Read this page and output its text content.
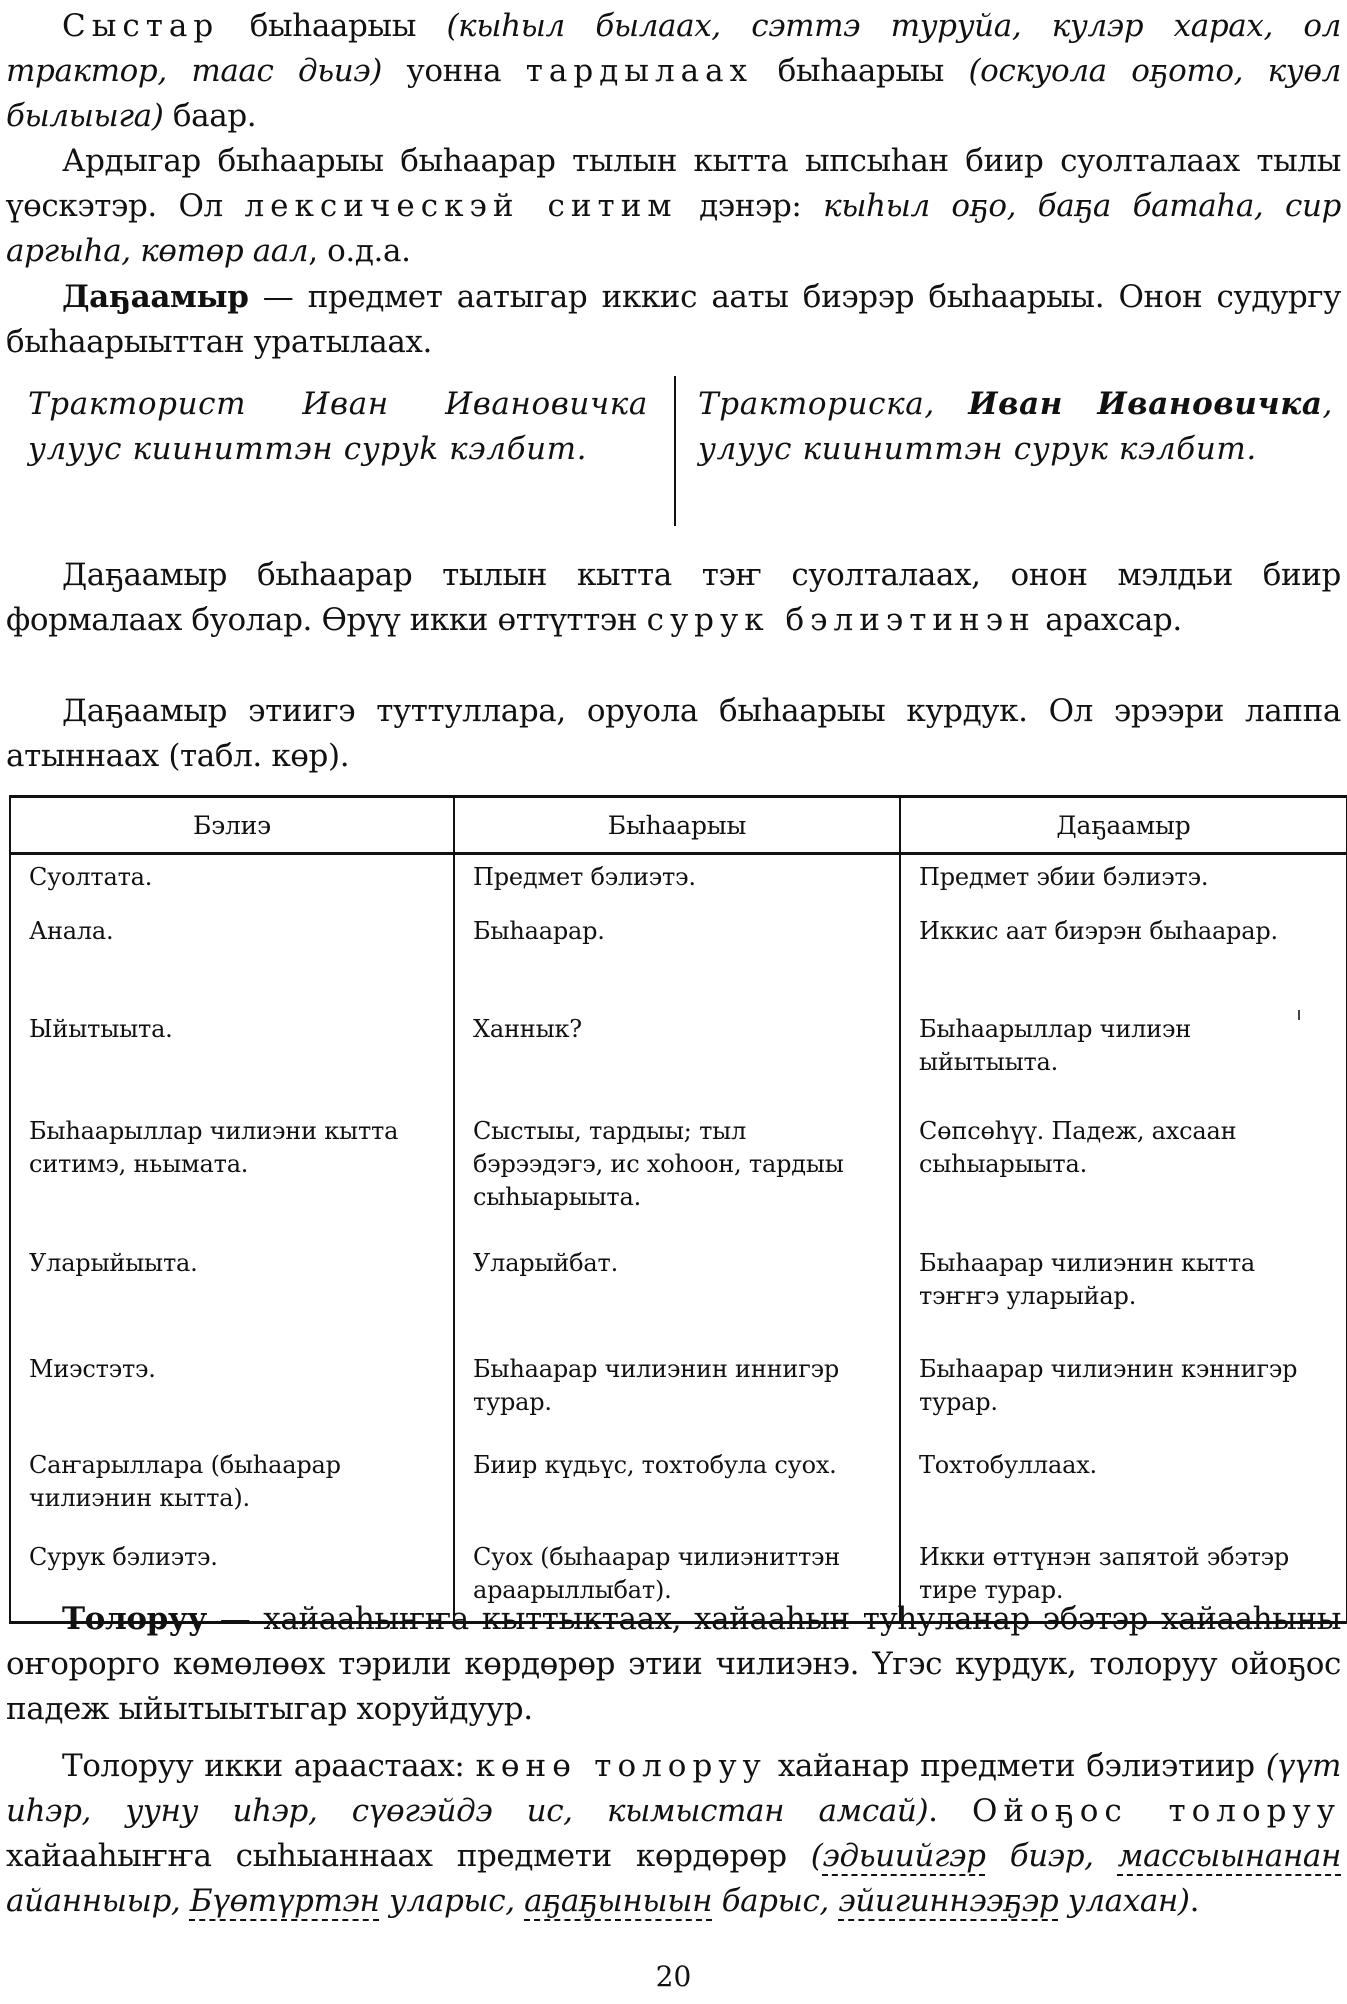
Сыстар быhaарыы (кыhыл былаах, сэттэ туруйа, кулэр харах, ол трактор, таас дьиэ) уонна тардылаах быhaарыы (оскуола оҕото, куөл былыыга) баар.

Ардыгар быhaарыы быhaарар тылын кытта ыпсыhан биир суолталаах тылы үөскэтэр. Ол лексическэй ситим дэнэр: кыhыл оҕо, баҕа батаhа, сир аргыhа, көтөр аал, о.д.а.

Даҕаамыр — предмет аатыгар иккис ааты биэрэр быhaарыы. Онон судургу быhaарыыттан уратылаах.

Тракторист Иван Ивановичка улуус кииниттэн суруk кэлбит.
Тракториска, Иван Ивановичка, улуус кииниттэн сурук кэлбит.

Даҕаамыр быhaарар тылын кытта тэҥ суолталаах, онон мэлдьи биир формалаах буолар. Өрүү икки өттүттэн сурук бэлиэтинэн арахсар.

Даҕаамыр этиигэ туттуллара, оруола быhaарыы курдук. Ол эрээри лаппа атыннаах (табл. көр).

Бэлиэ	Быhaарыы	Даҕаамыр
Суолтата.	Предмет бэлиэтэ.	Предмет эбии бэлиэтэ.
Анала.	Быhaарар.	Иккис аат биэрэн быhaарар.
Ыйытыыта.	Ханнык?	Быhaарыллар чилиэн ыйытыыта.
Быhaарыллар чилиэни кытта ситимэ, ньымата.	Сыстыы, тардыы; тыл бэрээдэгэ, ис хоhоон, тардыы сыhыарыыта.	Сөпсөhүү. Падеж, ахсаан сыhыарыыта.
Уларыйыыта.	Уларыйбат.	Быhaарар чилиэнин кытта тэҥҥэ уларыйар.
Миэстэтэ.	Быhaарар чилиэнин иннигэр турар.	Быhaарар чилиэнин кэннигэр турар.
Саҥарыллара (быhaарар чилиэнин кытта).	Биир күдьүс, тохтобула суох.	Тохтобуллаах.
Сурук бэлиэтэ.	Суох (быhaарар чилиэниттэн араарыллыбат).	Икки өттүнэн запятой эбэтэр тире турар.

Толоруу — хайааhыҥҥа кыттыктаах, хайааhын туhуланар эбэтэр хайааhыны оҥорорго көмөлөөх тэрили көрдөрөр этии чилиэнэ. Үгэс курдук, толоруу ойоҕос падеж ыйытыытыгар хоруйдуур.

Толоруу икки араастаах: көнө толоруу хайанар предмети бэлиэтиир (үүт иhэр, ууну иhэр, сүөгэйдэ ис, кымыстан амсай). Ойоҕос толоруу хайааhыҥҥа сыhыаннаах предмети көрдөрөр (эдьиийгэр биэр, массыынанан айанныыр, Бүөтүртэн уларыс, аҕаҕыныын барыс, эйигиннээҕэр улахан).

20
